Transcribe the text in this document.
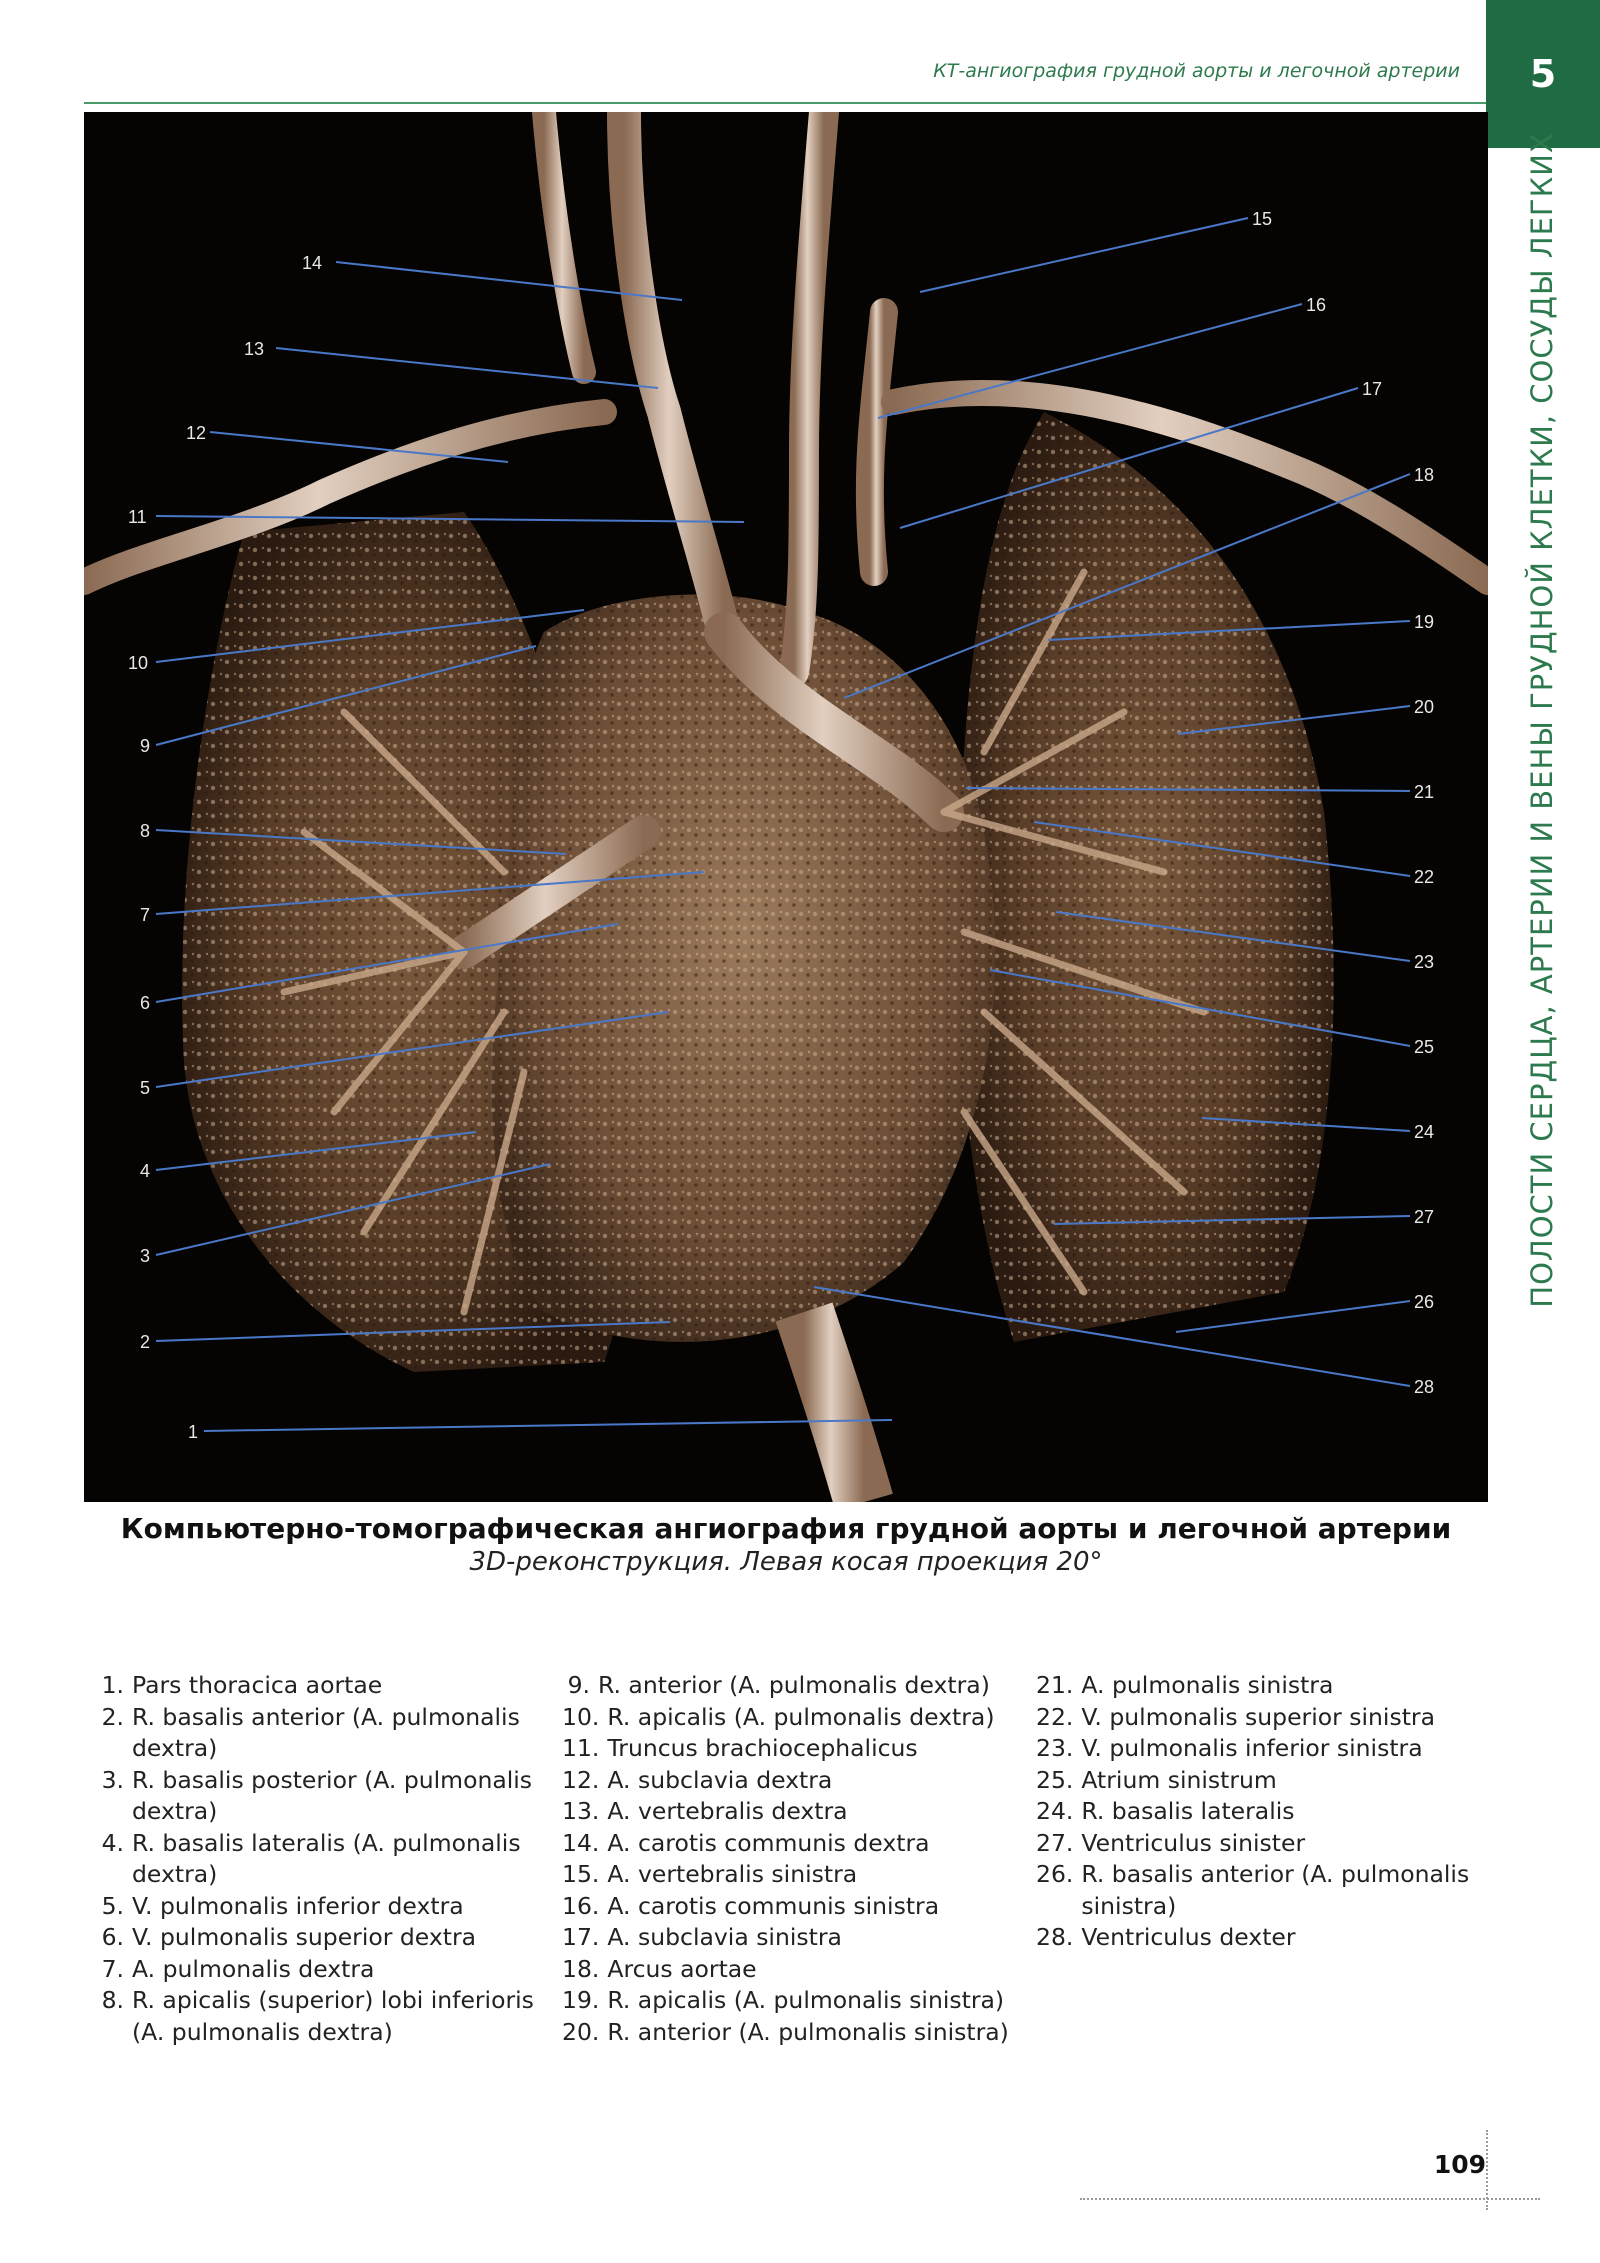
КТ-ангиография грудной аорты и легочной артерии	5
ПОЛОСТИ СЕРДЦА, АРТЕРИИ И ВЕНЫ ГРУДНОЙ КЛЕТКИ, СОСУДЫ ЛЕГКИХ
14
13
12
11
10
9
8
7
6
5
4
3
2
1
15
16
17
18
19
20
21
22
23
25
24
27
26
28
Компьютерно-томографическая ангиография грудной аорты и легочной артерии
3D-реконструкция. Левая косая проекция 20°
1. Pars thoracica aortae
2. R. basalis anterior (A. pulmonalis dextra)
3. R. basalis posterior (A. pulmonalis dextra)
4. R. basalis lateralis (A. pulmonalis dextra)
5. V. pulmonalis inferior dextra
6. V. pulmonalis superior dextra
7. A. pulmonalis dextra
8. R. apicalis (superior) lobi inferioris (A. pulmonalis dextra)
9. R. anterior (A. pulmonalis dextra)
10. R. apicalis (A. pulmonalis dextra)
11. Truncus brachiocephalicus
12. A. subclavia dextra
13. A. vertebralis dextra
14. A. carotis communis dextra
15. A. vertebralis sinistra
16. A. carotis communis sinistra
17. A. subclavia sinistra
18. Arcus aortae
19. R. apicalis (A. pulmonalis sinistra)
20. R. anterior (A. pulmonalis sinistra)
21. A. pulmonalis sinistra
22. V. pulmonalis superior sinistra
23. V. pulmonalis inferior sinistra
25. Atrium sinistrum
24. R. basalis lateralis
27. Ventriculus sinister
26. R. basalis anterior (A. pulmonalis sinistra)
28. Ventriculus dexter
109
